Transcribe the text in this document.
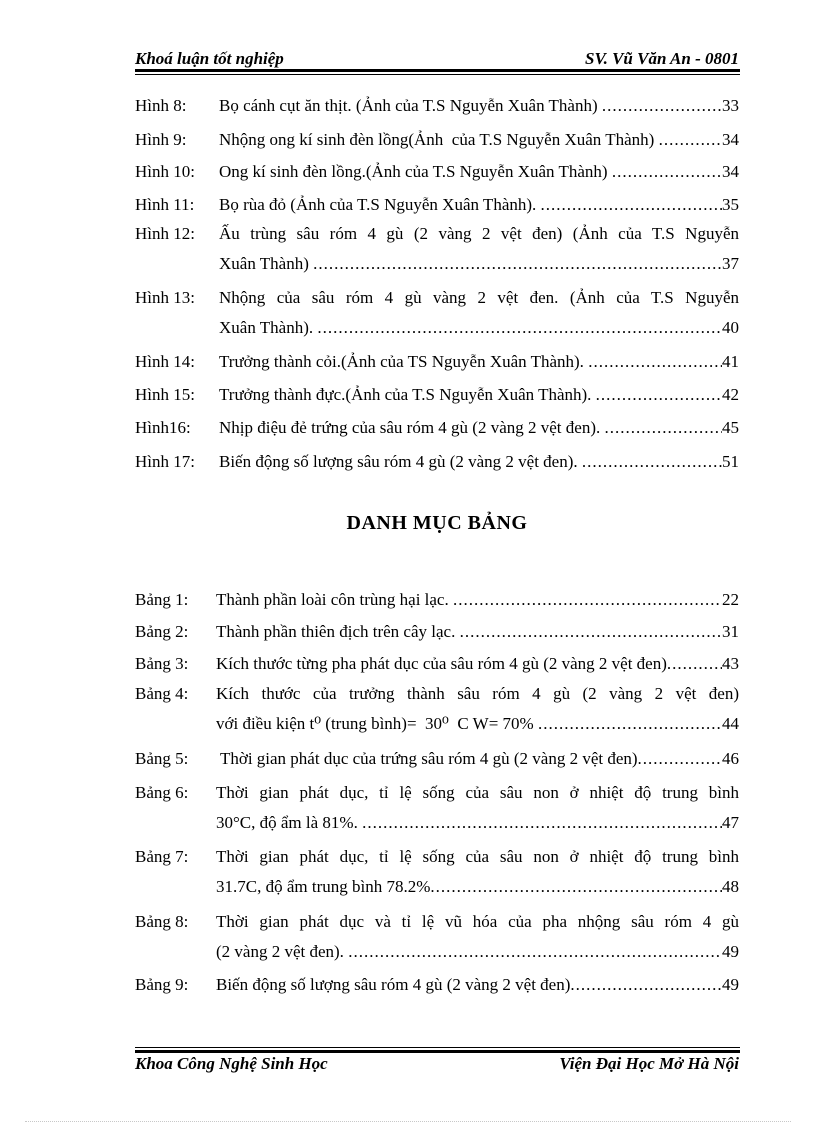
Khoá luận tốt nghiệp	SV. Vũ Văn An - 0801
Hình 8: Bọ cánh cụt ăn thịt. (Ảnh của T.S Nguyễn Xuân Thành) .....	33
Hình 9: Nhộng ong kí sinh đèn lồng(Ảnh  của T.S Nguyễn Xuân Thành) .....	34
Hình 10: Ong kí sinh đèn lồng.(Ảnh của T.S Nguyễn Xuân Thành) .....	34
Hình 11: Bọ rùa đỏ (Ảnh của T.S Nguyễn Xuân Thành). .....	35
Hình 12: Ấu trùng sâu róm 4 gù (2 vàng 2 vệt đen) (Ảnh của T.S Nguyễn
Xuân Thành) .....	37
Hình 13: Nhộng của sâu róm 4 gù vàng 2 vệt đen. (Ảnh của T.S Nguyễn
Xuân Thành). .....	40
Hình 14: Trưởng thành cỏi.(Ảnh của TS Nguyễn Xuân Thành). .....	41
Hình 15: Trưởng thành đực.(Ảnh của T.S Nguyễn Xuân Thành). .....	42
Hình16: Nhịp điệu đẻ trứng của sâu róm 4 gù (2 vàng 2 vệt đen). .....	45
Hình 17: Biến động số lượng sâu róm 4 gù (2 vàng 2 vệt đen). .....	51
DANH MỤC BẢNG
Bảng 1: Thành phần loài côn trùng hại lạc. .....	22
Bảng 2: Thành phần thiên địch trên cây lạc. .....	31
Bảng 3: Kích thước từng pha phát dục của sâu róm 4 gù (2 vàng 2 vệt đen) .....	43
Bảng 4: Kích thước của trưởng thành sâu róm 4 gù (2 vàng 2 vệt đen)
với điều kiện t⁰ (trung bình)=  30⁰  C W= 70% .....	44
Bảng 5: Thời gian phát dục của trứng sâu róm 4 gù (2 vàng 2 vệt đen) .....	46
Bảng 6: Thời gian phát dục, tỉ lệ sống của sâu non ở nhiệt độ trung bình
30°C, độ ẩm là 81%. .....	47
Bảng 7: Thời gian phát dục, tỉ lệ sống của sâu non ở nhiệt độ trung bình
31.7C, độ ẩm trung bình 78.2% .....	48
Bảng 8: Thời gian phát dục và tỉ lệ vũ hóa của pha nhộng sâu róm 4 gù
(2 vàng 2 vệt đen). .....	49
Bảng 9: Biến động số lượng sâu róm 4 gù (2 vàng 2 vệt đen) .....	49
Khoa Công Nghệ Sinh Học	Viện Đại Học Mở Hà Nội
